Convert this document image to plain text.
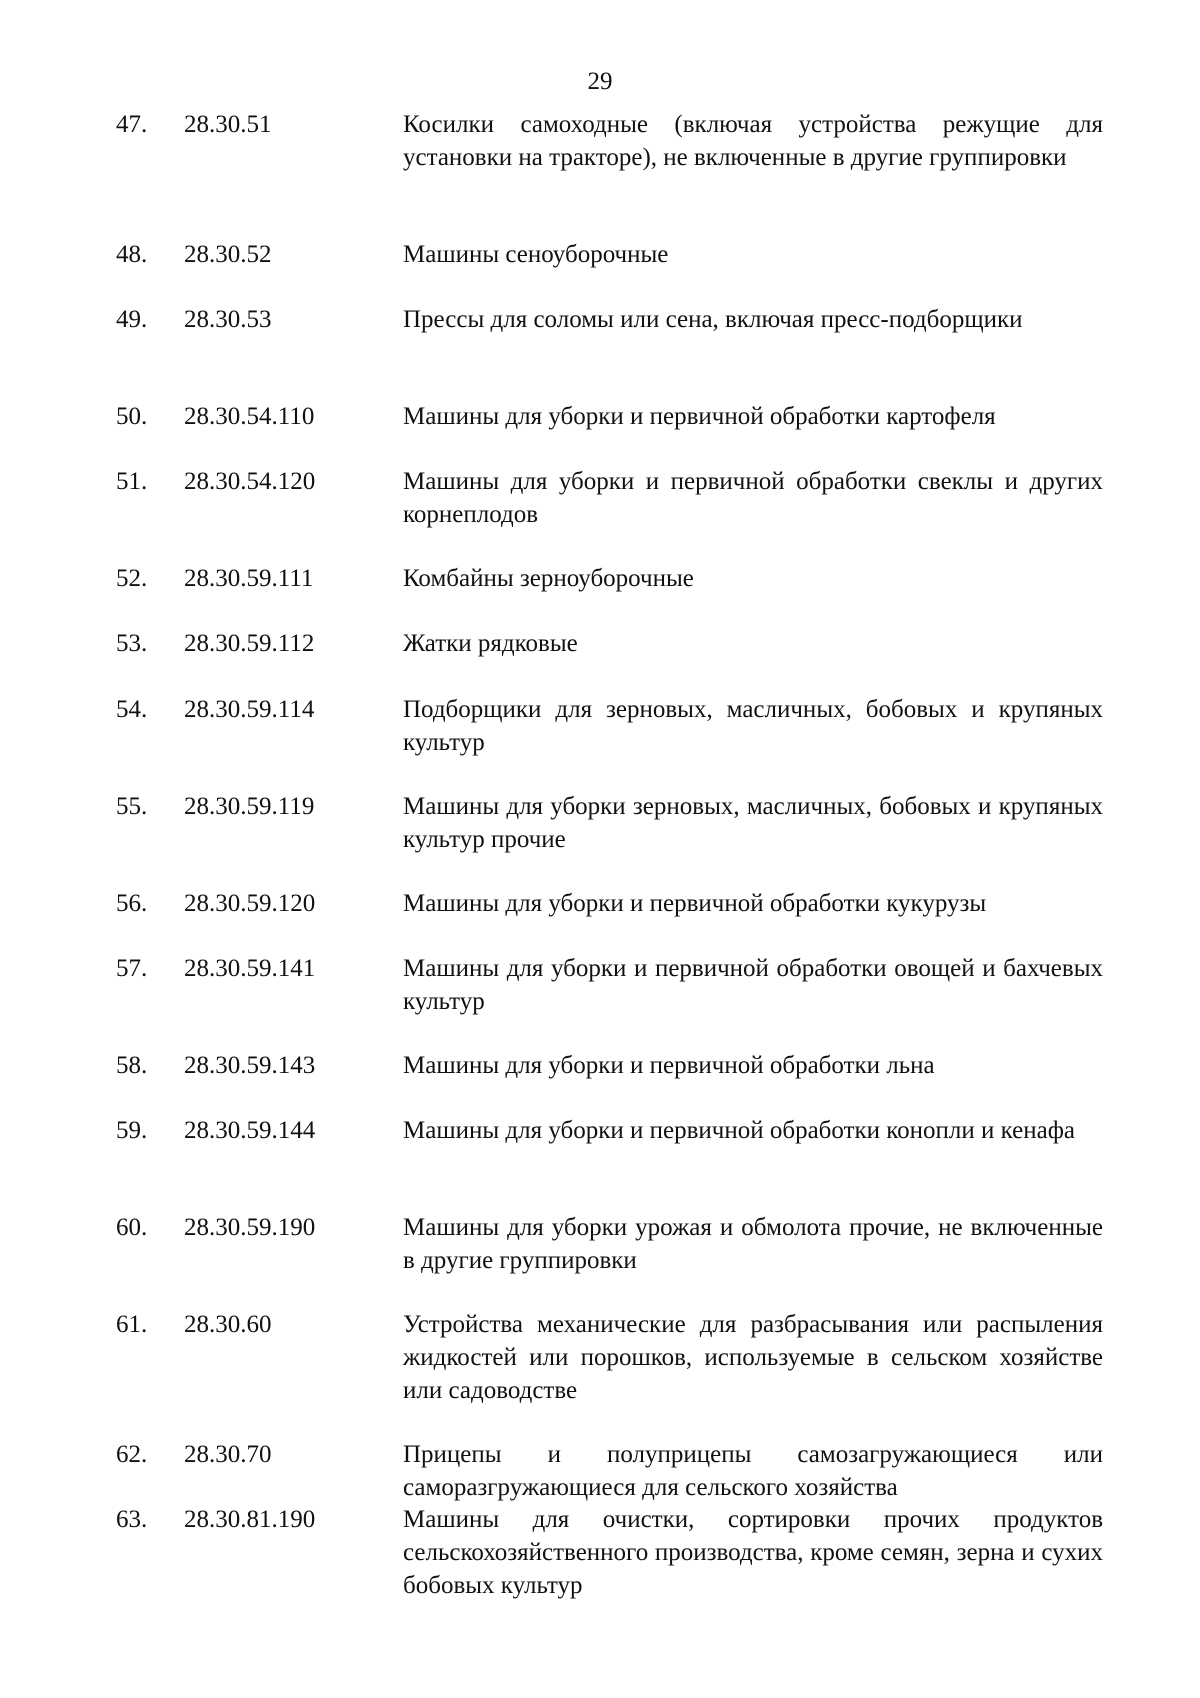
29
47. 28.30.51	Косилки самоходные (включая устройства режущие для установки на тракторе), не включенные в другие группировки
48. 28.30.52	Машины сеноуборочные
49. 28.30.53	Прессы для соломы или сена, включая пресс-подборщики
50. 28.30.54.110	Машины для уборки и первичной обработки картофеля
51. 28.30.54.120	Машины для уборки и первичной обработки свеклы и других корнеплодов
52. 28.30.59.111	Комбайны зерноуборочные
53. 28.30.59.112	Жатки рядковые
54. 28.30.59.114	Подборщики для зерновых, масличных, бобовых и крупяных культур
55. 28.30.59.119	Машины для уборки зерновых, масличных, бобовых и крупяных культур прочие
56. 28.30.59.120	Машины для уборки и первичной обработки кукурузы
57. 28.30.59.141	Машины для уборки и первичной обработки овощей и бахчевых культур
58. 28.30.59.143	Машины для уборки и первичной обработки льна
59. 28.30.59.144	Машины для уборки и первичной обработки конопли и кенафа
60. 28.30.59.190	Машины для уборки урожая и обмолота прочие, не включенные в другие группировки
61. 28.30.60	Устройства механические для разбрасывания или распыления жидкостей или порошков, используемые в сельском хозяйстве или садоводстве
62. 28.30.70	Прицепы и полуприцепы самозагружающиеся или саморазгружающиеся для сельского хозяйства
63. 28.30.81.190	Машины для очистки, сортировки прочих продуктов сельскохозяйственного производства, кроме семян, зерна и сухих бобовых культур
